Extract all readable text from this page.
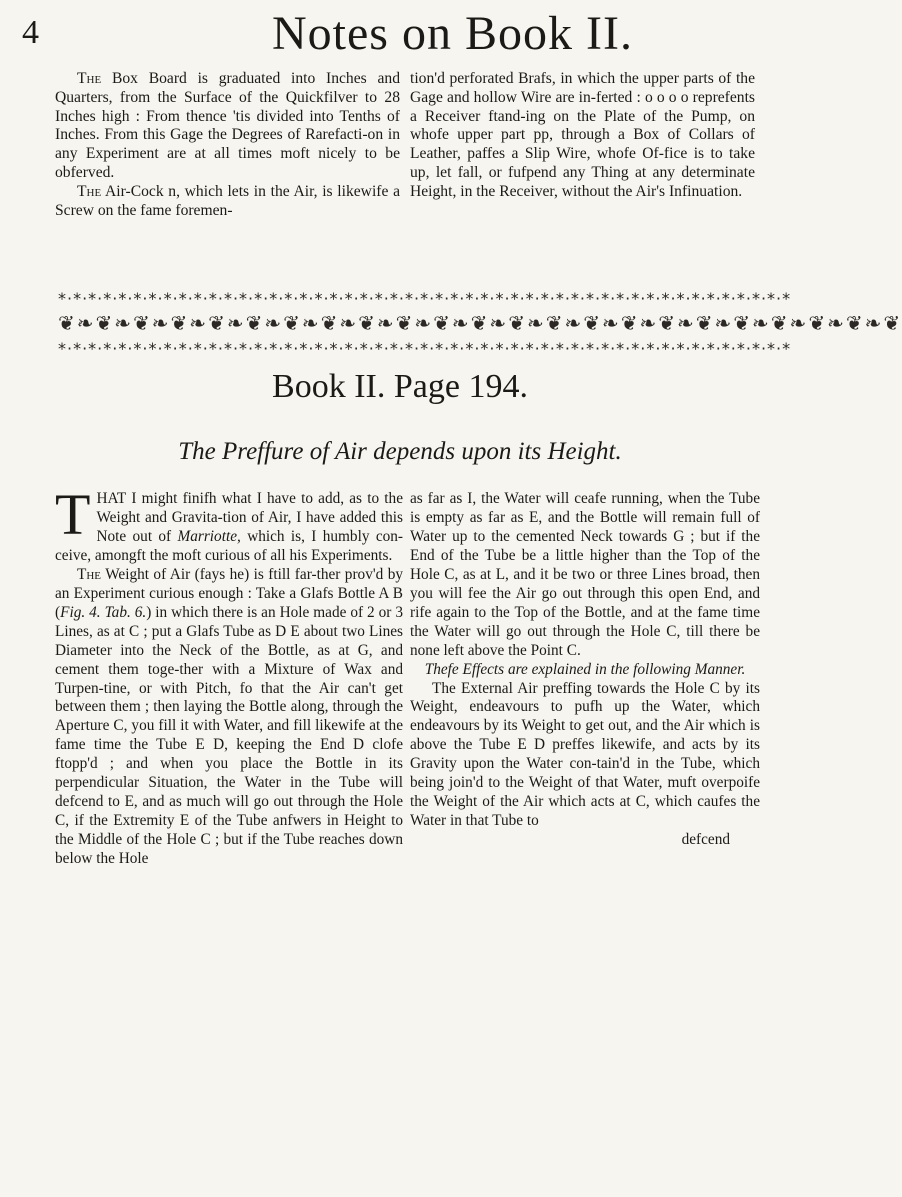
4	Notes on Book II.

The Box Board is graduated into Inches and Quarters, from the Surface of the Quickfilver to 28 Inches high : From thence 'tis divided into Tenths of Inches. From this Gage the Degrees of Rarefacti-on in any Experiment are at all times moft nicely to be obferved.

The Air-Cock n, which lets in the Air, is likewife a Screw on the fame foremen-

tion'd perforated Brafs, in which the upper parts of the Gage and hollow Wire are in-ferted : o o o o reprefents a Receiver ftand-ing on the Plate of the Pump, on whofe upper part pp, through a Box of Collars of Leather, paffes a Slip Wire, whofe Of-fice is to take up, let fall, or fufpend any Thing at any determinate Height, in the Receiver, without the Air's Infinuation.

*·*·*·*·*·*·*·*·*·*·*·*·*·*·*·*·*·*·*·*·*·*·*·*·*·*·*·*·*·*·*·*·*·*·*·*·*·*·*·*·*·*·*·*·*·*·*·*·*
❦❧❦❧❦❧❦❧❦❧❦❧❦❧❦❧❦❧❦❧❦❧❦❧❦❧❦❧❦❧❦❧❦❧❦❧❦❧❦❧❦❧❦❧❦
*·*·*·*·*·*·*·*·*·*·*·*·*·*·*·*·*·*·*·*·*·*·*·*·*·*·*·*·*·*·*·*·*·*·*·*·*·*·*·*·*·*·*·*·*·*·*·*·*
Book II. Page 194.
The Preffure of Air depends upon its Height.

THAT I might finifh what I have to add, as to the Weight and Gravita-tion of Air, I have added this Note out of Marriotte, which is, I humbly con-ceive, amongft the moft curious of all his Experiments.

The Weight of Air (fays he) is ftill far-ther prov'd by an Experiment curious enough : Take a Glafs Bottle A B (Fig. 4. Tab. 6.) in which there is an Hole made of 2 or 3 Lines, as at C ; put a Glafs Tube as D E about two Lines Diameter into the Neck of the Bottle, as at G, and cement them toge-ther with a Mixture of Wax and Turpen-tine, or with Pitch, fo that the Air can't get between them ; then laying the Bottle along, through the Aperture C, you fill it with Water, and fill likewife at the fame time the Tube E D, keeping the End D clofe ftopp'd ; and when you place the Bottle in its perpendicular Situation, the Water in the Tube will defcend to E, and as much will go out through the Hole C, if the Extremity E of the Tube anfwers in Height to the Middle of the Hole C ; but if the Tube reaches down below the Hole

as far as I, the Water will ceafe running, when the Tube is empty as far as E, and the Bottle will remain full of Water up to the cemented Neck towards G ; but if the End of the Tube be a little higher than the Top of the Hole C, as at L, and it be two or three Lines broad, then you will fee the Air go out through this open End, and rife again to the Top of the Bottle, and at the fame time the Water will go out through the Hole C, till there be none left above the Point C.

Thefe Effects are explained in the following Manner.

The External Air preffing towards the Hole C by its Weight, endeavours to pufh up the Water, which endeavours by its Weight to get out, and the Air which is above the Tube E D preffes likewife, and acts by its Gravity upon the Water con-tain'd in the Tube, which being join'd to the Weight of that Water, muft overpoife the Weight of the Air which acts at C, which caufes the Water in that Tube to

defcend
